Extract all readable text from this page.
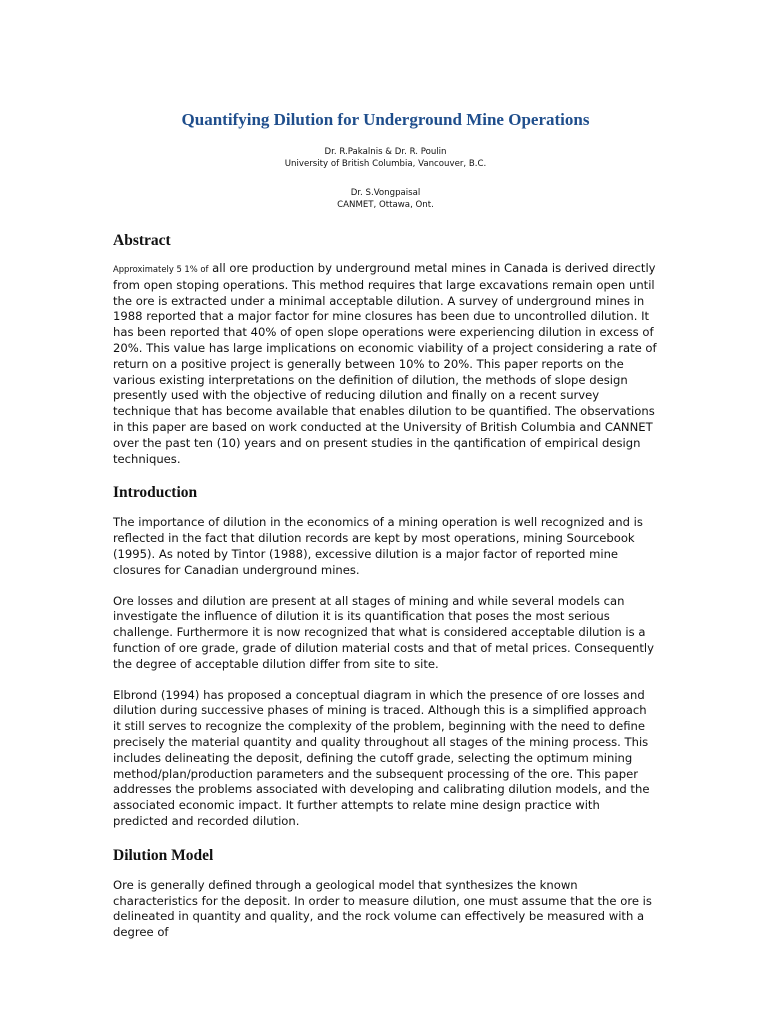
Quantifying Dilution for Underground Mine Operations
Dr. R.Pakalnis & Dr. R. Poulin
University of British Columbia, Vancouver, B.C.
Dr. S.Vongpaisal
CANMET, Ottawa, Ont.
Abstract

Approximately 5 1% of all ore production by underground metal mines in Canada is derived directly from open stoping operations. This method requires that large excavations remain open until the ore is extracted under a minimal acceptable dilution. A survey of underground mines in 1988 reported that a major factor for mine closures has been due to uncontrolled dilution. It has been reported that 40% of open slope operations were experiencing dilution in excess of 20%. This value has large implications on economic viability of a project considering a rate of return on a positive project is generally between 10% to 20%. This paper reports on the various existing interpretations on the definition of dilution, the methods of slope design presently used with the objective of reducing dilution and finally on a recent survey technique that has become available that enables dilution to be quantified. The observations in this paper are based on work conducted at the University of British Columbia and CANNET over the past ten (10) years and on present studies in the qantification of empirical design techniques.

Introduction

The importance of dilution in the economics of a mining operation is well recognized and is reflected in the fact that dilution records are kept by most operations, mining Sourcebook (1995). As noted by Tintor (1988), excessive dilution is a major factor of reported mine closures for Canadian underground mines.

Ore losses and dilution are present at all stages of mining and while several models can investigate the influence of dilution it is its quantification that poses the most serious challenge. Furthermore it is now recognized that what is considered acceptable dilution is a function of ore grade, grade of dilution material costs and that of metal prices. Consequently the degree of acceptable dilution differ from site to site.

Elbrond (1994) has proposed a conceptual diagram in which the presence of ore losses and dilution during successive phases of mining is traced. Although this is a simplified approach it still serves to recognize the complexity of the problem, beginning with the need to define precisely the material quantity and quality throughout all stages of the mining process. This includes delineating the deposit, defining the cutoff grade, selecting the optimum mining method/plan/production parameters and the subsequent processing of the ore. This paper addresses the problems associated with developing and calibrating dilution models, and the associated economic impact. It further attempts to relate mine design practice with predicted and recorded dilution.

Dilution Model

Ore is generally defined through a geological model that synthesizes the known characteristics for the deposit. In order to measure dilution, one must assume that the ore is delineated in quantity and quality, and the rock volume can effectively be measured with a degree of
